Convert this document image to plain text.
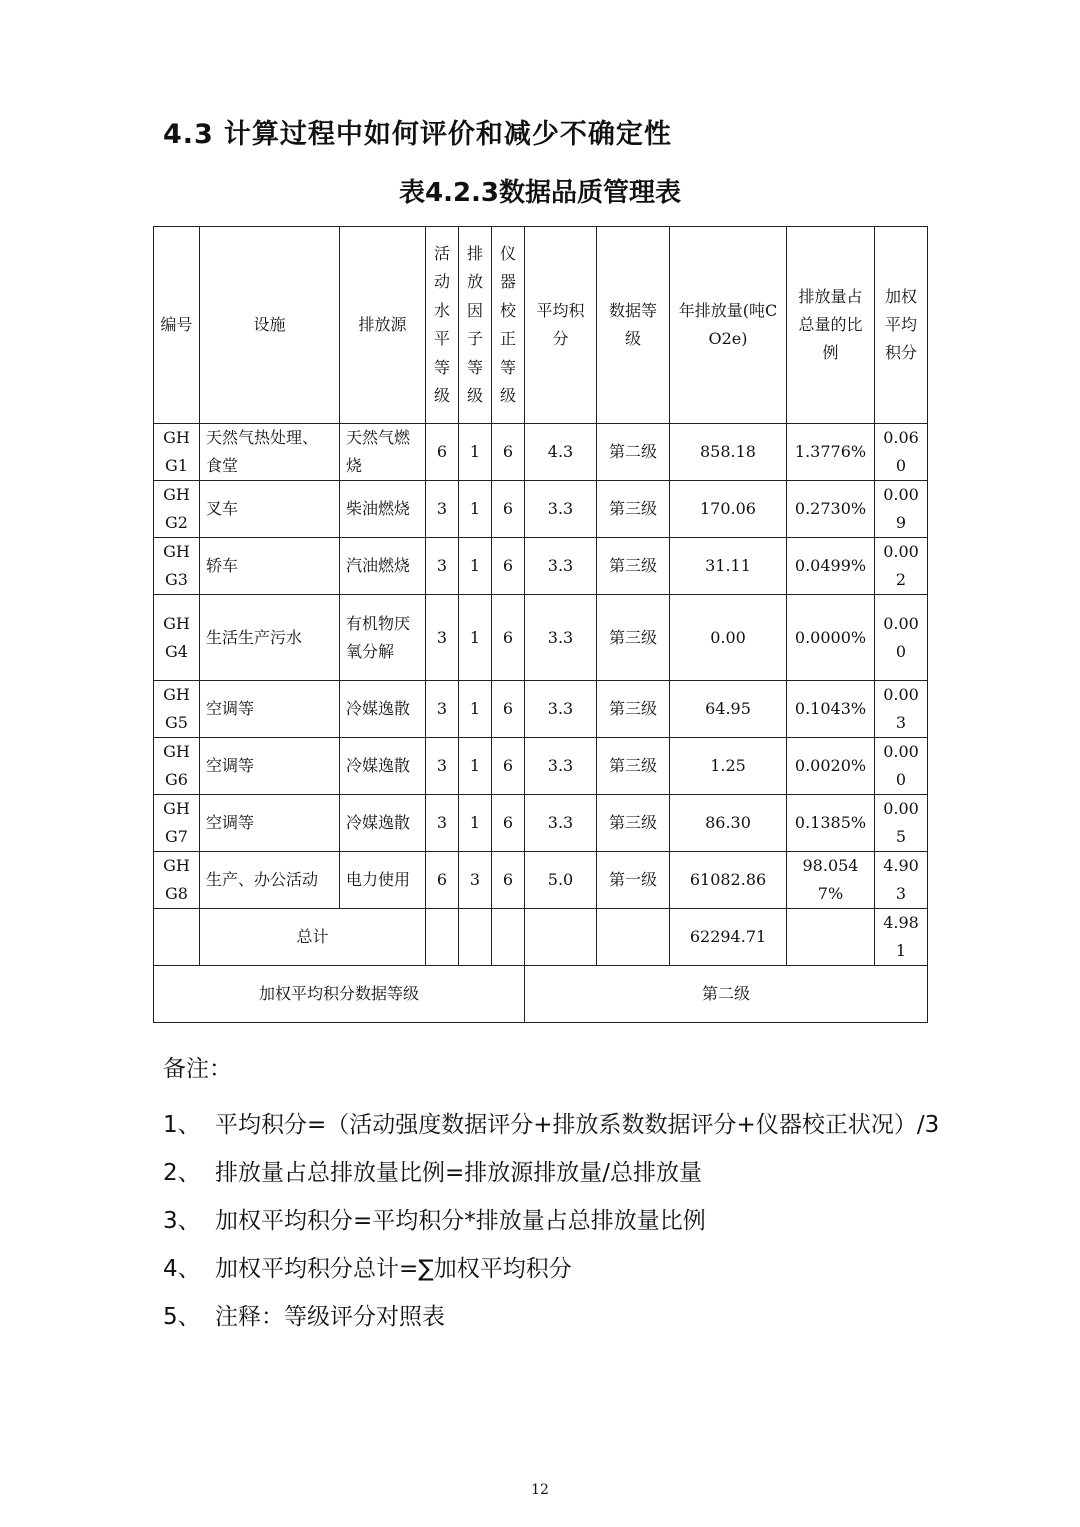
4.3 计算过程中如何评价和减少不确定性
表4.2.3数据品质管理表
编号	设施	排放源	活动水平 等级	排放因子 等级	仪器校正 等级	平均积分	数据等级	年排放量(吨CO2e)	排放量占总量的比例	加权平均积分
GHG1	天然气热处理、食堂	天然气燃烧	6	1	6	4.3	第二级	858.18	1.3776%	0.060
GHG2	叉车	柴油燃烧	3	1	6	3.3	第三级	170.06	0.2730%	0.009
GHG3	轿车	汽油燃烧	3	1	6	3.3	第三级	31.11	0.0499%	0.002
GHG4	生活生产污水	有机物厌氧分解	3	1	6	3.3	第三级	0.00	0.0000%	0.000
GHG5	空调等	冷媒逸散	3	1	6	3.3	第三级	64.95	0.1043%	0.003
GHG6	空调等	冷媒逸散	3	1	6	3.3	第三级	1.25	0.0020%	0.000
GHG7	空调等	冷媒逸散	3	1	6	3.3	第三级	86.30	0.1385%	0.005
GHG8	生产、办公活动	电力使用	6	3	6	5.0	第一级	61082.86	98.0547%	4.903
	总计							62294.71		4.981
加权平均积分数据等级						第二级				

备注：

1、 平均积分=（活动强度数据评分+排放系数数据评分+仪器校正状况）/3

2、 排放量占总排放量比例=排放源排放量/总排放量

3、 加权平均积分=平均积分*排放量占总排放量比例

4、 加权平均积分总计=∑加权平均积分

5、 注释：等级评分对照表

12
